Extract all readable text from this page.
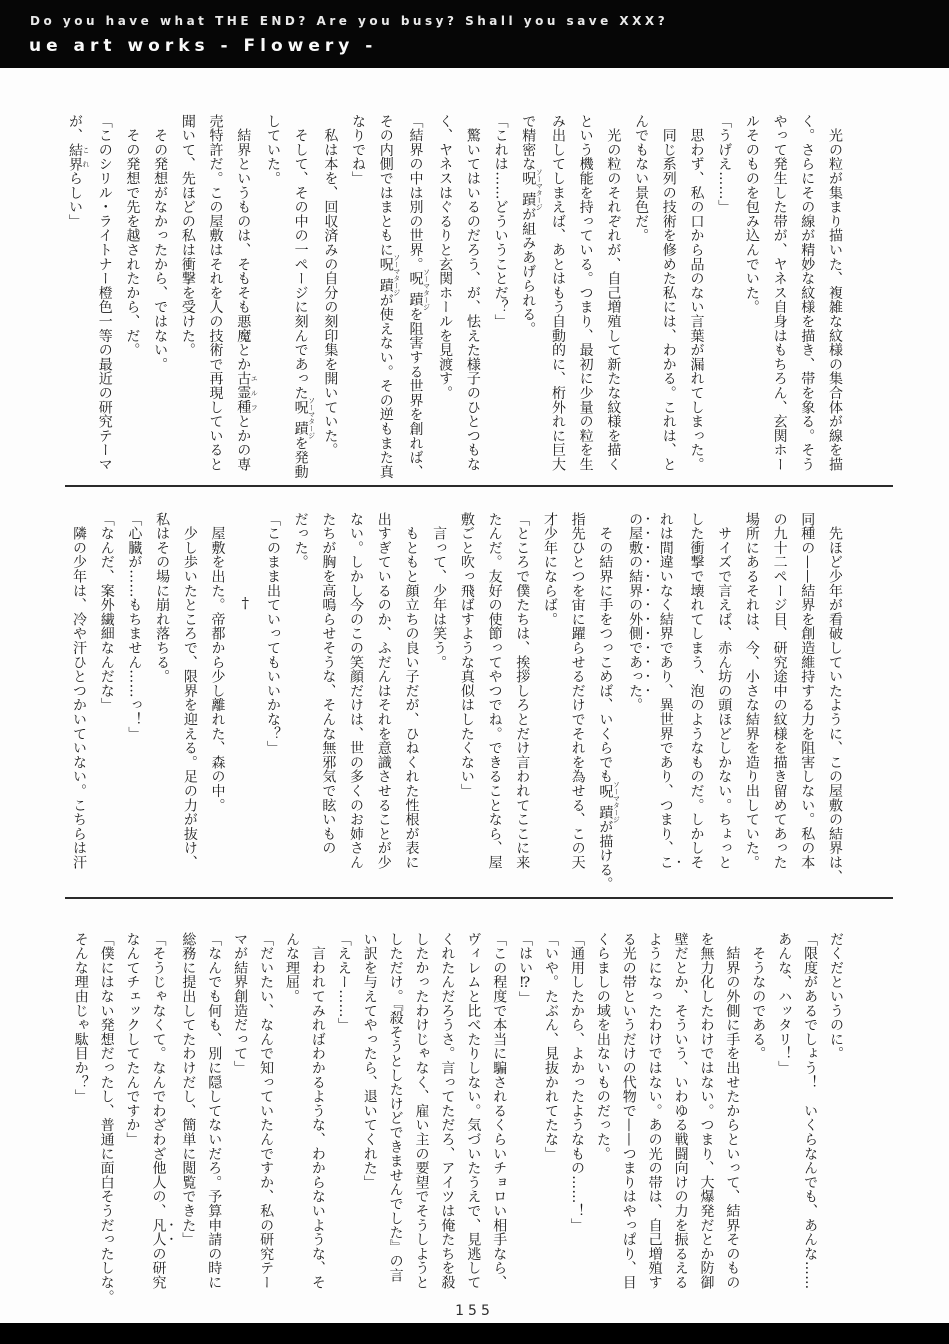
Do you have what THE END? Are you busy? Shall you save XXX?
ue art works - Flowery -

　光の粒が集まり描いた、複雑な紋様の集合体が線を描

く。さらにその線が精妙な紋様を描き、帯を象る。そう

やって発生した帯が、ヤネス自身はもちろん、玄関ホー

ルそのものを包み込んでいた。

「うげえ……」

　思わず、私の口から品のない言葉が漏れてしまった。

　同じ系列の技術を修めた私には、わかる。これは、と

んでもない景色だ。

　光の粒のそれぞれが、自己増殖して新たな紋様を描く

という機能を持っている。つまり、最初に少量の粒を生

み出してしまえば、あとはもう自動的に、桁外れに巨大

で精密な呪蹟 ソーマタージが組みあげられる。

「これは……どういうことだ？」

　驚いてはいるのだろう、が、怯えた様子のひとつもな

く、ヤネスはぐるりと玄関ホールを見渡す。

「結界の中は別の世界。呪蹟 ソーマタージを阻害する世界を創れば、

その内側ではまともに呪蹟 ソーマタージが使えない。その逆もまた真

なりでね」

　私は本を、回収済みの自分の刻印集を開いていた。

　そして、その中の一ページに刻んであった呪蹟 ソーマタージを発動

していた。

　結界というものは、そもそも悪魔とか古霊種 エルフとかの専

売特許だ。この屋敷はそれを人の技術で再現していると

聞いて、先ほどの私は衝撃を受けた。

　その発想がなかったから、ではない。

　その発想で先を越されたから、だ。

「このシリル・ライトナー橙色一等の最近の研究テーマ

が、結界 これらしい」

　先ほど少年が看破していたように、この屋敷の結界は、

同種の——結界を創造維持する力を阻害しない。私の本

の九十二ページ目、研究途中の紋様を描き留めてあった

場所にあるそれは、今、小さな結界を造り出していた。

　サイズで言えば、赤ん坊の頭ほどしかない。ちょっと

した衝撃で壊れてしまう、泡のようなものだ。しかしそ

れは間違いなく結界であり、異世界であり、つまり、こ

の屋敷の結界の外側であった。

　その結界に手をつっこめば、いくらでも呪蹟 ソーマタージが描ける。

指先ひとつを宙に躍らせるだけでそれを為せる、この天

才少年にならば。

「ところで僕たちは、挨拶しろとだけ言われてここに来

たんだ。友好の使節ってやつでね。できることなら、屋

敷ごと吹っ飛ばすような真似はしたくない」

　言って、少年は笑う。

　もともと顔立ちの良い子だが、ひねくれた性根が表に

出すぎているのか、ふだんはそれを意識させることが少

ない。しかし今のこの笑顔だけは、世の多くのお姉さん

たちが胸を高鳴らせそうな、そんな無邪気で眩いもの

だった。

「このまま出ていってもいいかな？」

†

　屋敷を出た。帝都から少し離れた、森の中。

　少し歩いたところで、限界を迎える。足の力が抜け、

私はその場に崩れ落ちる。

「心臓が……もちません……っ！」

「なんだ、案外繊細なんだな」

　隣の少年は、冷や汗ひとつかいていない。こちらは汗

だくだというのに。

「限度があるでしょう！　いくらなんでも、あんな……

あんな、ハッタリ！」

　そうなのである。

　結界の外側に手を出せたからといって、結界そのもの

を無力化したわけではない。つまり、大爆発だとか防御

壁だとか、そういう、いわゆる戦闘向けの力を振るえる

ようになったわけではない。あの光の帯は、自己増殖す

る光の帯というだけの代物で——つまりはやっぱり、目

くらましの域を出ないものだった。

「通用したから、よかったようなもの……！」

「いや。たぶん、見抜かれてたな」

「はい⁉」

「この程度で本当に騙されるくらいチョロい相手なら、

ヴィレムと比べたりしない。気づいたうえで、見逃して

くれたんだろうさ。言ってただろ、アイツは俺たちを殺

したかったわけじゃなく、雇い主の要望でそうしようと

しただけ。『殺そうとしたけどできませんでした』の言

い訳を与えてやったら、退いてくれた」

「ええー……」

　言われてみればわかるような、わからないような、そ

んな理屈。

「だいたい、なんで知っていたんですか、私の研究テー

マが結界創造だって」

「なんでも何も、別に隠してないだろ。予算申請の時に

総務に提出してたわけだし、簡単に閲覧できた」

「そうじゃなくて。なんでわざわざ他人の、凡人の研究

なんてチェックしてたんですか」

「僕にはない発想だったし、普通に面白そうだったしな。

そんな理由じゃ駄目か？」

155
